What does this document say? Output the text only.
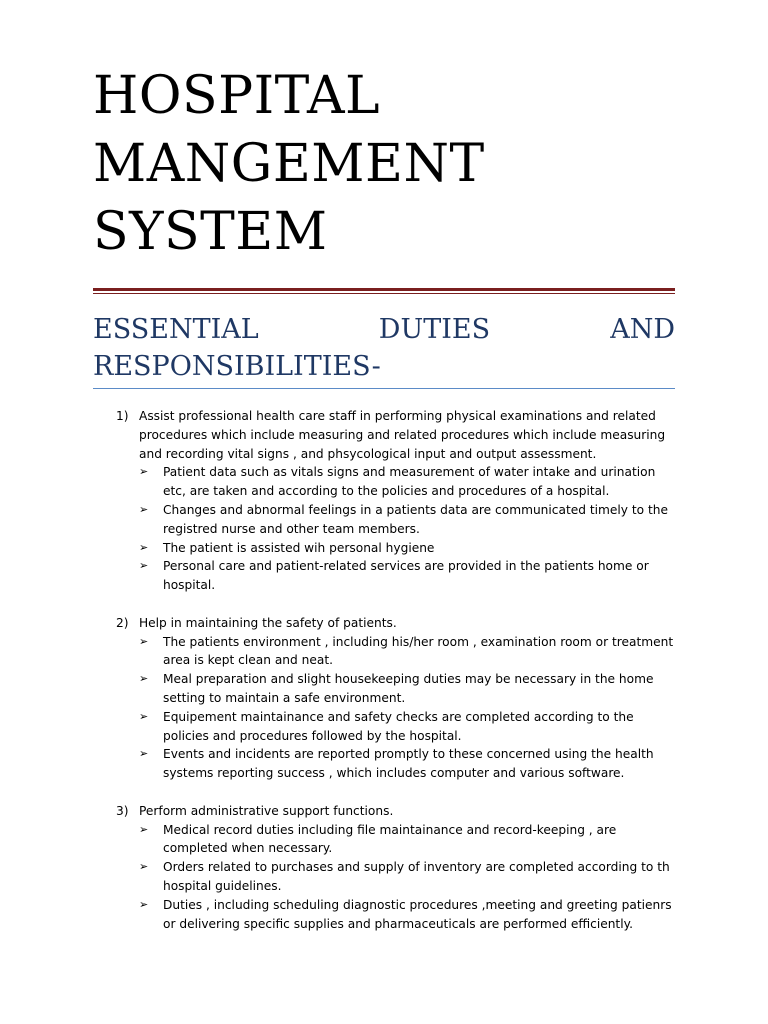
HOSPITAL
MANGEMENT
SYSTEM
ESSENTIAL	DUTIES	AND
RESPONSIBILITIES-
1) Assist professional health care staff in performing physical examinations and related procedures which include measuring and related procedures which include measuring and recording vital signs , and phsycological input and output assessment.
➢ Patient data such as vitals signs and measurement of water intake and urination etc, are taken and according to the policies and procedures of a hospital.
➢ Changes and abnormal feelings in a patients data are communicated timely to the registred nurse and other team members.
➢ The patient is assisted wih personal hygiene
➢ Personal care and patient-related services are provided in the patients home or hospital.
2) Help in maintaining the safety of patients.
➢ The patients environment , including his/her room , examination room or treatment area is kept clean and neat.
➢ Meal preparation and slight housekeeping duties may be necessary in the home setting to maintain a safe environment.
➢ Equipement maintainance and safety checks are completed according to the policies and procedures followed by the hospital.
➢ Events and incidents are reported promptly to these concerned using the health systems reporting success , which includes computer and various software.
3) Perform administrative support functions.
➢ Medical record duties including file maintainance and record-keeping , are completed when necessary.
➢ Orders related to purchases and supply of inventory are completed according to th hospital guidelines.
➢ Duties , including scheduling diagnostic procedures ,meeting and greeting patienrs or delivering specific supplies and pharmaceuticals are performed efficiently.
